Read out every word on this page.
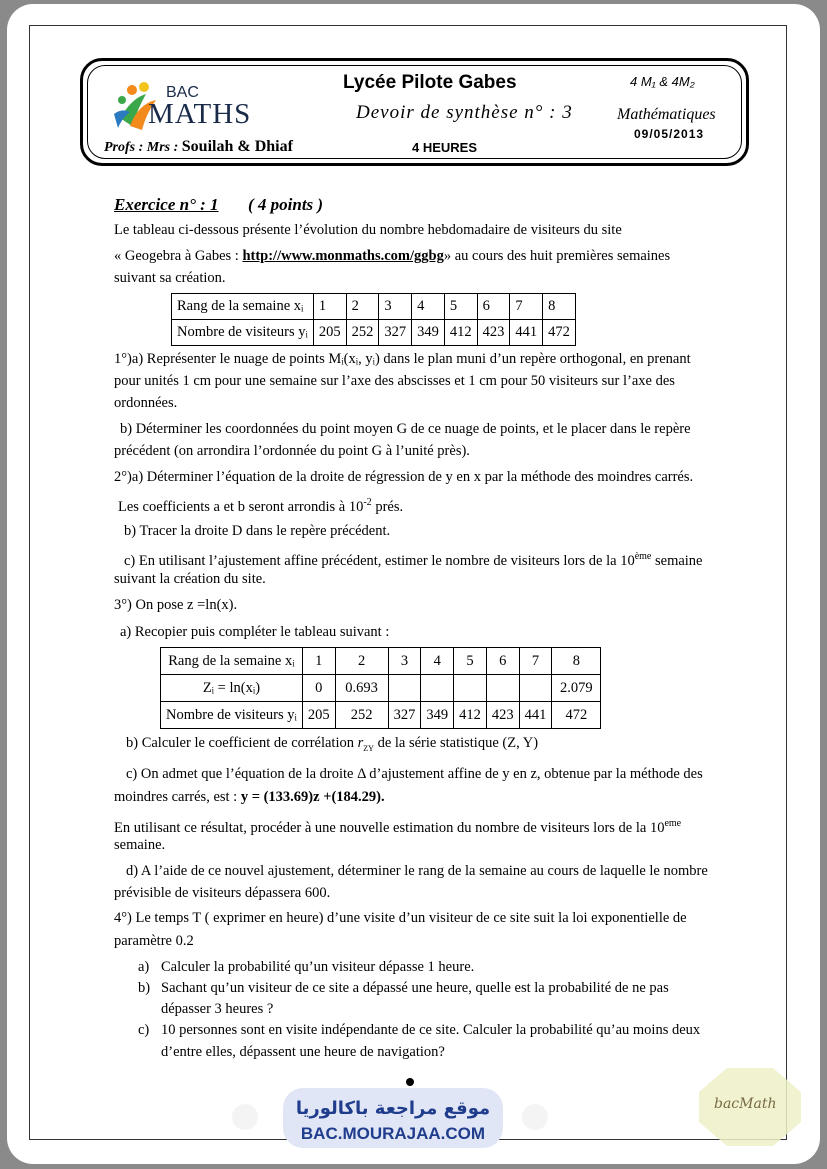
BAC
MATHS
Lycée Pilote Gabes	4 M₁ & 4M₂
Devoir de synthèse n° : 3	Mathématiques
09/05/2013
Profs : Mrs : Souilah & Dhiaf	4 HEURES
Exercice n° : 1 ( 4 points )
Le tableau ci-dessous présente l’évolution du nombre hebdomadaire de visiteurs du site
« Geogebra à Gabes : http://www.monmaths.com/ggbg» au cours des huit premières semaines
suivant sa création.
Rang de la semaine xᵢ	1	2	3	4	5	6	7	8
Nombre de visiteurs yᵢ	205	252	327	349	412	423	441	472
1°)a) Représenter le nuage de points Mᵢ(xᵢ, yᵢ) dans le plan muni d’un repère orthogonal, en prenant
pour unités 1 cm pour une semaine sur l’axe des abscisses et 1 cm pour 50 visiteurs sur l’axe des
ordonnées.
b) Déterminer les coordonnées du point moyen G de ce nuage de points, et le placer dans le repère
précédent (on arrondira l’ordonnée du point G à l’unité près).
2°)a) Déterminer l’équation de la droite de régression de y en x par la méthode des moindres carrés.
Les coefficients a et b seront arrondis à $10^{-2}$ prés.
b) Tracer la droite D dans le repère précédent.
c) En utilisant l’ajustement affine précédent, estimer le nombre de visiteurs lors de la 10ème semaine
suivant la création du site.
3°) On pose z =ln(x).
a) Recopier puis compléter le tableau suivant :
Rang de la semaine xᵢ	1	2	3	4	5	6	7	8
Zᵢ = ln(xᵢ)	0	0.693						2.079
Nombre de visiteurs yᵢ	205	252	327	349	412	423	441	472
b) Calculer le coefficient de corrélation $r_{ZY}$ de la série statistique (Z, Y)
c) On admet que l’équation de la droite Δ d’ajustement affine de y en z, obtenue par la méthode des
moindres carrés, est : y = (133.69)z +(184.29).
En utilisant ce résultat, procéder à une nouvelle estimation du nombre de visiteurs lors de la 10eme
semaine.
d) A l’aide de ce nouvel ajustement, déterminer le rang de la semaine au cours de laquelle le nombre
prévisible de visiteurs dépassera 600.
4°) Le temps T ( exprimer en heure) d’une visite d’un visiteur de ce site suit la loi exponentielle de
paramètre 0.2
a) Calculer la probabilité qu’un visiteur dépasse 1 heure.
b) Sachant qu’un visiteur de ce site a dépassé une heure, quelle est la probabilité de ne pas
dépasser 3 heures ?
c) 10 personnes sont en visite indépendante de ce site. Calculer la probabilité qu’au moins deux
d’entre elles, dépassent une heure de navigation?
موقع مراجعة باكالوريا
BAC.MOURAJAA.COM
bacMath
